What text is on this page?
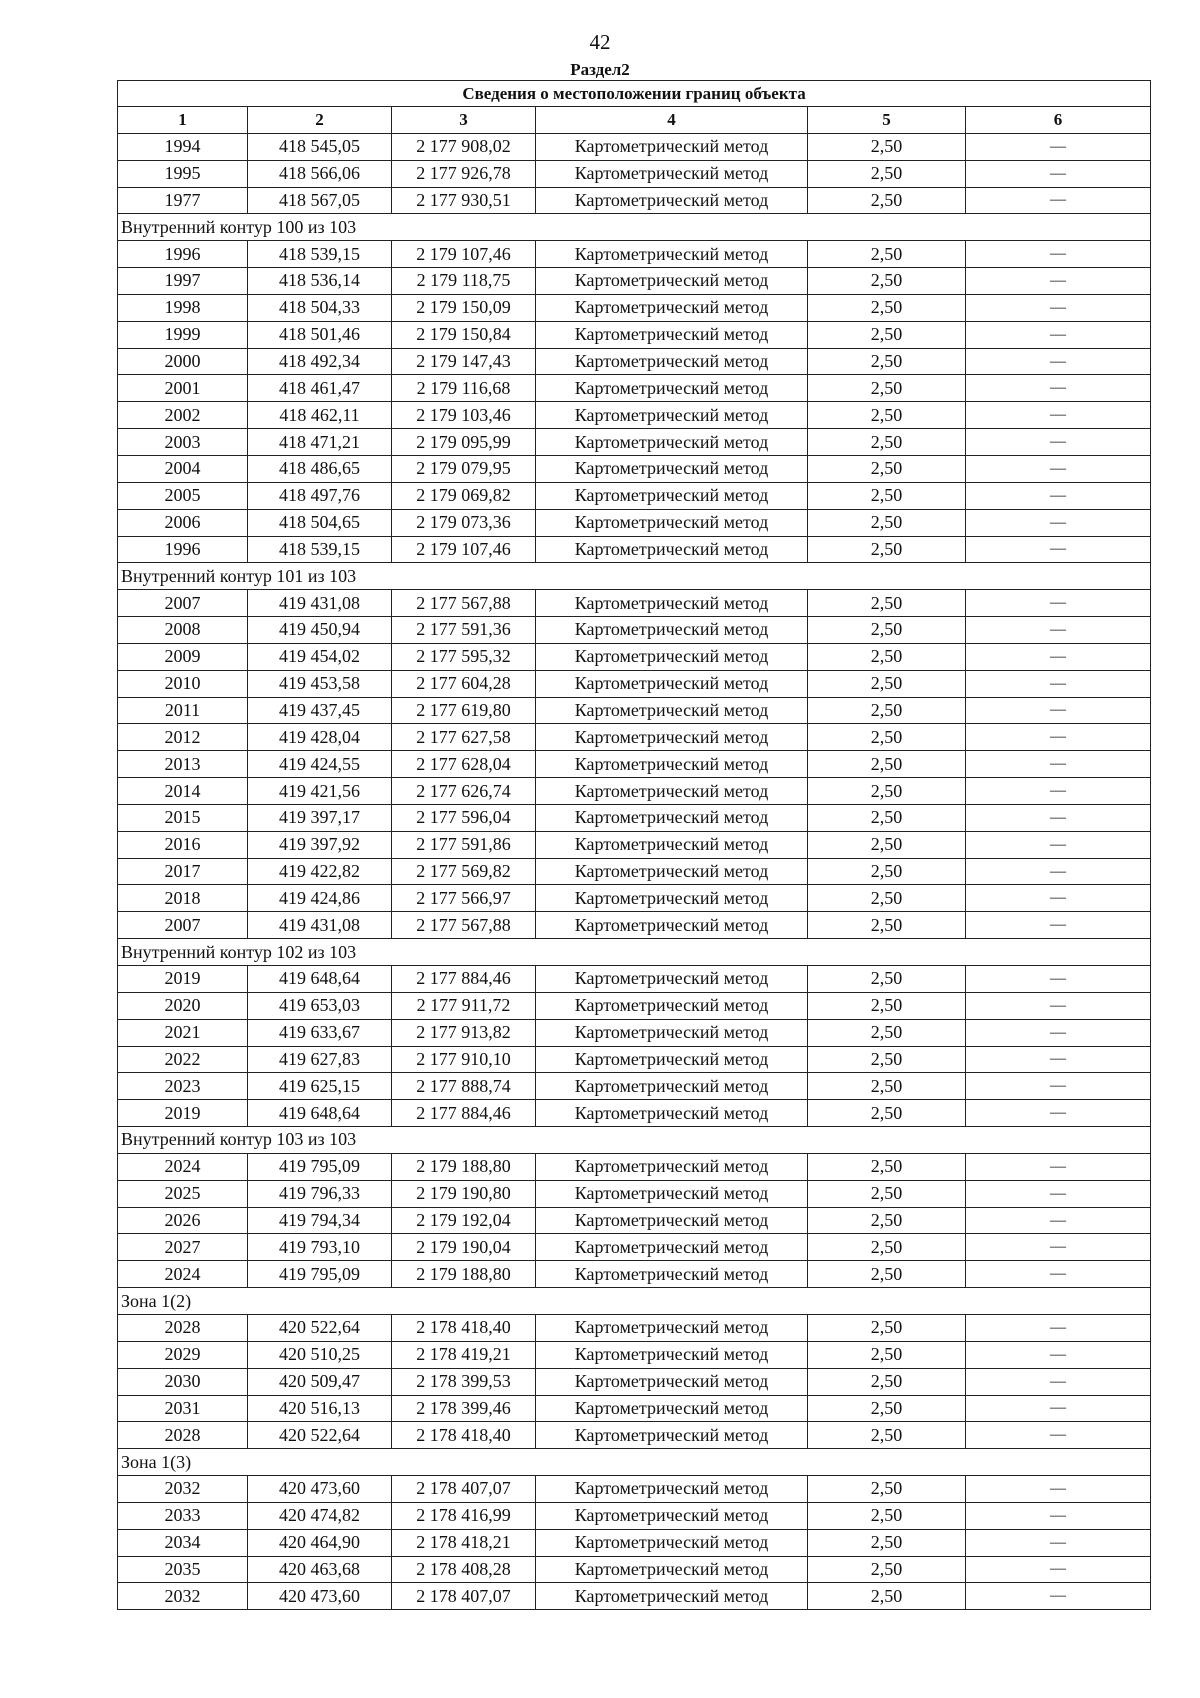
42
Раздел2
Сведения о местоположении границ объекта					
1	2	3	4	5	6
1994	418 545,05	2 177 908,02	Картометрический метод	2,50	—
1995	418 566,06	2 177 926,78	Картометрический метод	2,50	—
1977	418 567,05	2 177 930,51	Картометрический метод	2,50	—
Внутренний контур 100 из 103					
1996	418 539,15	2 179 107,46	Картометрический метод	2,50	—
1997	418 536,14	2 179 118,75	Картометрический метод	2,50	—
1998	418 504,33	2 179 150,09	Картометрический метод	2,50	—
1999	418 501,46	2 179 150,84	Картометрический метод	2,50	—
2000	418 492,34	2 179 147,43	Картометрический метод	2,50	—
2001	418 461,47	2 179 116,68	Картометрический метод	2,50	—
2002	418 462,11	2 179 103,46	Картометрический метод	2,50	—
2003	418 471,21	2 179 095,99	Картометрический метод	2,50	—
2004	418 486,65	2 179 079,95	Картометрический метод	2,50	—
2005	418 497,76	2 179 069,82	Картометрический метод	2,50	—
2006	418 504,65	2 179 073,36	Картометрический метод	2,50	—
1996	418 539,15	2 179 107,46	Картометрический метод	2,50	—
Внутренний контур 101 из 103					
2007	419 431,08	2 177 567,88	Картометрический метод	2,50	—
2008	419 450,94	2 177 591,36	Картометрический метод	2,50	—
2009	419 454,02	2 177 595,32	Картометрический метод	2,50	—
2010	419 453,58	2 177 604,28	Картометрический метод	2,50	—
2011	419 437,45	2 177 619,80	Картометрический метод	2,50	—
2012	419 428,04	2 177 627,58	Картометрический метод	2,50	—
2013	419 424,55	2 177 628,04	Картометрический метод	2,50	—
2014	419 421,56	2 177 626,74	Картометрический метод	2,50	—
2015	419 397,17	2 177 596,04	Картометрический метод	2,50	—
2016	419 397,92	2 177 591,86	Картометрический метод	2,50	—
2017	419 422,82	2 177 569,82	Картометрический метод	2,50	—
2018	419 424,86	2 177 566,97	Картометрический метод	2,50	—
2007	419 431,08	2 177 567,88	Картометрический метод	2,50	—
Внутренний контур 102 из 103					
2019	419 648,64	2 177 884,46	Картометрический метод	2,50	—
2020	419 653,03	2 177 911,72	Картометрический метод	2,50	—
2021	419 633,67	2 177 913,82	Картометрический метод	2,50	—
2022	419 627,83	2 177 910,10	Картометрический метод	2,50	—
2023	419 625,15	2 177 888,74	Картометрический метод	2,50	—
2019	419 648,64	2 177 884,46	Картометрический метод	2,50	—
Внутренний контур 103 из 103					
2024	419 795,09	2 179 188,80	Картометрический метод	2,50	—
2025	419 796,33	2 179 190,80	Картометрический метод	2,50	—
2026	419 794,34	2 179 192,04	Картометрический метод	2,50	—
2027	419 793,10	2 179 190,04	Картометрический метод	2,50	—
2024	419 795,09	2 179 188,80	Картометрический метод	2,50	—
Зона 1(2)					
2028	420 522,64	2 178 418,40	Картометрический метод	2,50	—
2029	420 510,25	2 178 419,21	Картометрический метод	2,50	—
2030	420 509,47	2 178 399,53	Картометрический метод	2,50	—
2031	420 516,13	2 178 399,46	Картометрический метод	2,50	—
2028	420 522,64	2 178 418,40	Картометрический метод	2,50	—
Зона 1(3)					
2032	420 473,60	2 178 407,07	Картометрический метод	2,50	—
2033	420 474,82	2 178 416,99	Картометрический метод	2,50	—
2034	420 464,90	2 178 418,21	Картометрический метод	2,50	—
2035	420 463,68	2 178 408,28	Картометрический метод	2,50	—
2032	420 473,60	2 178 407,07	Картометрический метод	2,50	—
